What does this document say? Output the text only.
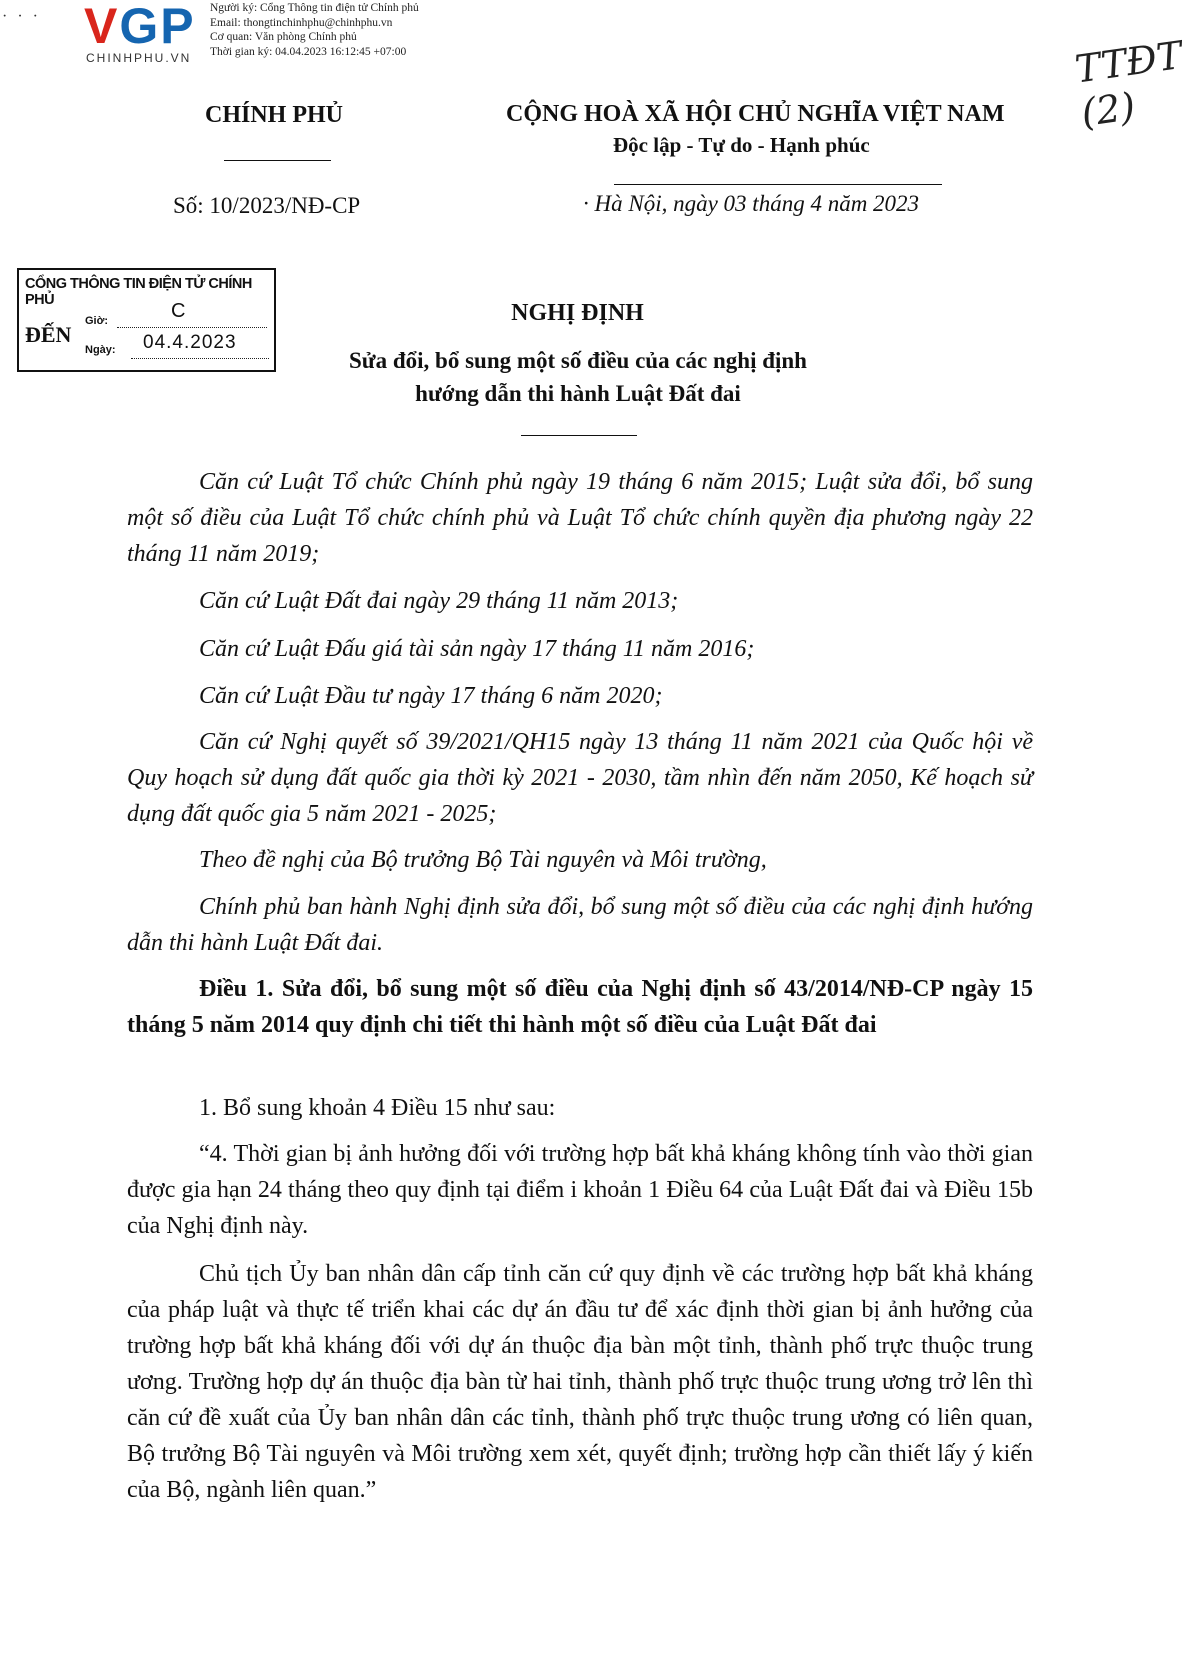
· · · VGP
CHINHPHU.VN
Người ký: Cổng Thông tin điện tử Chính phủ
Email: thongtinchinhphu@chinhphu.vn
Cơ quan: Văn phòng Chính phủ
Thời gian ký: 04.04.2023 16:12:45 +07:00	TTĐT (2)
CHÍNH PHỦ
Số: 10/2023/NĐ-CP
CỘNG HOÀ XÃ HỘI CHỦ NGHĨA VIỆT NAM
Độc lập - Tự do - Hạnh phúc
· Hà Nội, ngày 03 tháng 4 năm 2023
CỔNG THÔNG TIN ĐIỆN TỬ CHÍNH PHỦ
ĐẾN
Giờ:	C
Ngày:	04.4.2023
NGHỊ ĐỊNH
Sửa đổi, bổ sung một số điều của các nghị định
hướng dẫn thi hành Luật Đất đai
Căn cứ Luật Tổ chức Chính phủ ngày 19 tháng 6 năm 2015; Luật sửa đổi, bổ sung một số điều của Luật Tổ chức chính phủ và Luật Tổ chức chính quyền địa phương ngày 22 tháng 11 năm 2019;
Căn cứ Luật Đất đai ngày 29 tháng 11 năm 2013;
Căn cứ Luật Đấu giá tài sản ngày 17 tháng 11 năm 2016;
Căn cứ Luật Đầu tư ngày 17 tháng 6 năm 2020;
Căn cứ Nghị quyết số 39/2021/QH15 ngày 13 tháng 11 năm 2021 của Quốc hội về Quy hoạch sử dụng đất quốc gia thời kỳ 2021 - 2030, tầm nhìn đến năm 2050, Kế hoạch sử dụng đất quốc gia 5 năm 2021 - 2025;
Theo đề nghị của Bộ trưởng Bộ Tài nguyên và Môi trường,
Chính phủ ban hành Nghị định sửa đổi, bổ sung một số điều của các nghị định hướng dẫn thi hành Luật Đất đai.
Điều 1. Sửa đổi, bổ sung một số điều của Nghị định số 43/2014/NĐ-CP ngày 15 tháng 5 năm 2014 quy định chi tiết thi hành một số điều của Luật Đất đai
1. Bổ sung khoản 4 Điều 15 như sau:
“4. Thời gian bị ảnh hưởng đối với trường hợp bất khả kháng không tính vào thời gian được gia hạn 24 tháng theo quy định tại điểm i khoản 1 Điều 64 của Luật Đất đai và Điều 15b của Nghị định này.
Chủ tịch Ủy ban nhân dân cấp tỉnh căn cứ quy định về các trường hợp bất khả kháng của pháp luật và thực tế triển khai các dự án đầu tư để xác định thời gian bị ảnh hưởng của trường hợp bất khả kháng đối với dự án thuộc địa bàn một tỉnh, thành phố trực thuộc trung ương. Trường hợp dự án thuộc địa bàn từ hai tỉnh, thành phố trực thuộc trung ương trở lên thì căn cứ đề xuất của Ủy ban nhân dân các tỉnh, thành phố trực thuộc trung ương có liên quan, Bộ trưởng Bộ Tài nguyên và Môi trường xem xét, quyết định; trường hợp cần thiết lấy ý kiến của Bộ, ngành liên quan.”
